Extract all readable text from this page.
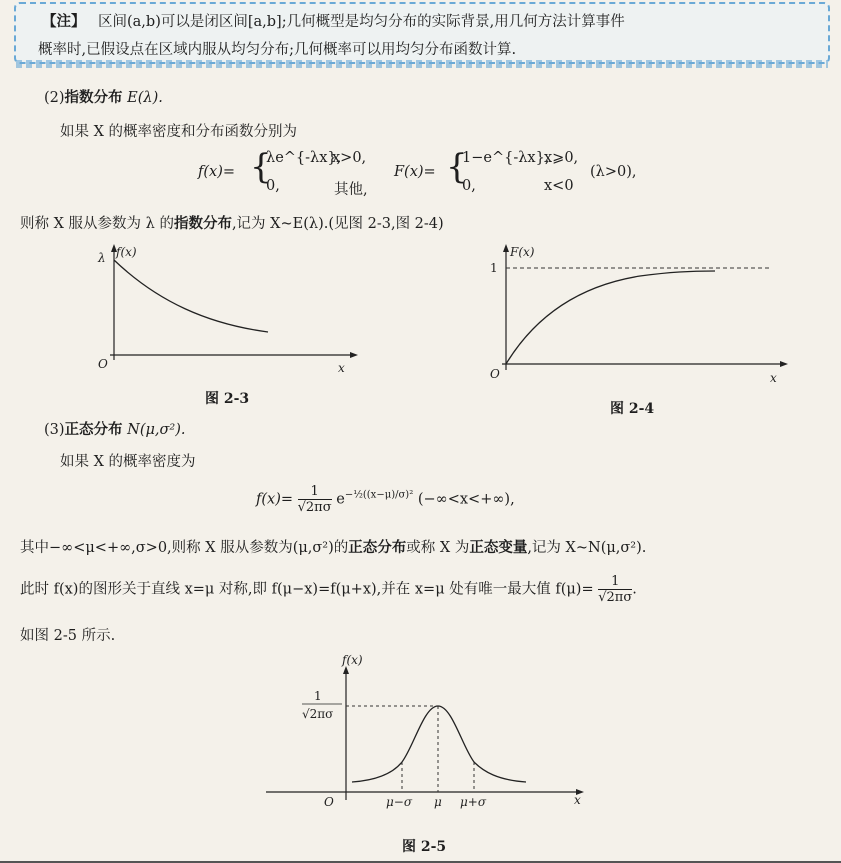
【注】 区间(a,b)可以是闭区间[a,b];几何概型是均匀分布的实际背景,用几何方法计算事件
概率时,已假设点在区域内服从均匀分布;几何概率可以用均匀分布函数计算.
(2)指数分布 E(λ).
如果 X 的概率密度和分布函数分别为
f(x)= {
λe^{-λx},
x>0,
0,	其他,
F(x)= {
1−e^{-λx},
x⩾0,
0,	x<0
(λ>0),
则称 X 服从参数为 λ 的指数分布,记为 X~E(λ).(见图 2-3,图 2-4)
f(x)
λ
O	x
图 2-3
F(x)
1
O	x
图 2-4
(3)正态分布 N(μ,σ²).
如果 X 的概率密度为
$f(x)= \frac{1}{√2\pi\sigma} e^{-\frac{1}{2}((x-\mu)/\sigma)^2}$ (−∞<x<+∞),
其中−∞<μ<+∞,σ>0,则称 X 服从参数为(μ,σ²)的正态分布或称 X 为正态变量,记为 X~N(μ,σ²).
此时 f(x)的图形关于直线 x=μ 对称,即 f(μ−x)=f(μ+x),并在 x=μ 处有唯一最大值 $f(\mu)= \frac{1}{√2\pi\sigma}$ .
如图 2-5 所示.
f(x)
1
√2πσ
O	μ−σ μ μ+σ	x
图 2-5
